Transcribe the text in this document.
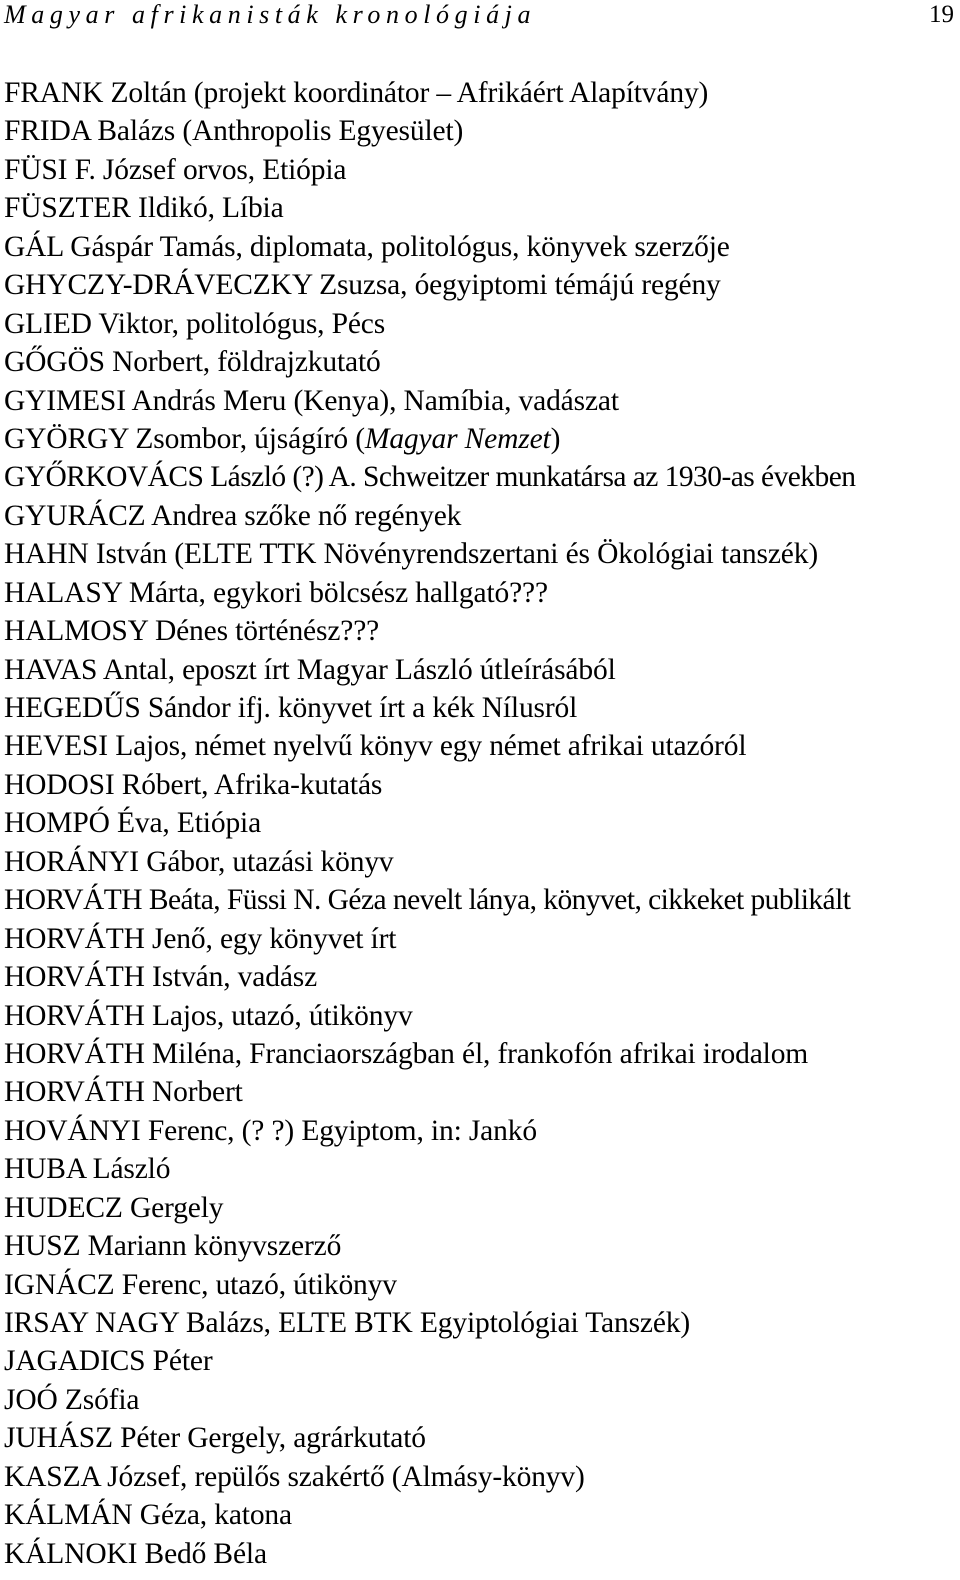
Magyar afrikanisták kronológiája	19
FRANK Zoltán (projekt koordinátor – Afrikáért Alapítvány)
FRIDA Balázs (Anthropolis Egyesület)
FÜSI F. József orvos, Etiópia
FÜSZTER Ildikó, Líbia
GÁL Gáspár Tamás, diplomata, politológus, könyvek szerzője
GHYCZY-DRÁVECZKY Zsuzsa, óegyiptomi témájú regény
GLIED Viktor, politológus, Pécs
GŐGÖS Norbert, földrajzkutató
GYIMESI András Meru (Kenya), Namíbia, vadászat
GYÖRGY Zsombor, újságíró (Magyar Nemzet)
GYŐRKOVÁCS László (?) A. Schweitzer munkatársa az 1930-as években
GYURÁCZ Andrea szőke nő regények
HAHN István (ELTE TTK Növényrendszertani és Ökológiai tanszék)
HALASY Márta, egykori bölcsész hallgató???
HALMOSY Dénes történész???
HAVAS Antal, eposzt írt Magyar László útleírásából
HEGEDŰS Sándor ifj. könyvet írt a kék Nílusról
HEVESI Lajos, német nyelvű könyv egy német afrikai utazóról
HODOSI Róbert, Afrika-kutatás
HOMPÓ Éva, Etiópia
HORÁNYI Gábor, utazási könyv
HORVÁTH Beáta, Füssi N. Géza nevelt lánya, könyvet, cikkeket publikált
HORVÁTH Jenő, egy könyvet írt
HORVÁTH István, vadász
HORVÁTH Lajos, utazó, útikönyv
HORVÁTH Miléna, Franciaországban él, frankofón afrikai irodalom
HORVÁTH Norbert
HOVÁNYI Ferenc, (? ?) Egyiptom, in: Jankó
HUBA László
HUDECZ Gergely
HUSZ Mariann könyvszerző
IGNÁCZ Ferenc, utazó, útikönyv
IRSAY NAGY Balázs, ELTE BTK Egyiptológiai Tanszék)
JAGADICS Péter
JOÓ Zsófia
JUHÁSZ Péter Gergely, agrárkutató
KASZA József, repülős szakértő (Almásy-könyv)
KÁLMÁN Géza, katona
KÁLNOKI Bedő Béla
